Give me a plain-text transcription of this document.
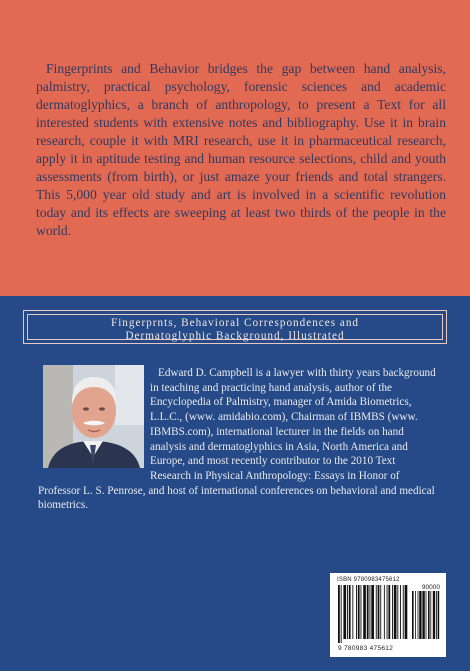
Fingerprints and Behavior bridges the gap between hand analysis, palmistry, practical psychology, forensic sciences and academic dermatoglyphics, a branch of anthropology, to present a Text for all interested students with extensive notes and bibliography. Use it in brain research, couple it with MRI research, use it in pharmaceutical research, apply it in aptitude testing and human resource selections, child and youth assessments (from birth), or just amaze your friends and total strangers. This 5,000 year old study and art is involved in a scientific revolution today and its effects are sweeping at least two thirds of the people in the world.

Fingerprnts, Behavioral Correspondences and
Dermatoglyphic Background, Illustrated

Edward D. Campbell is a lawyer with thirty years background in teaching and practicing hand analysis, author of the Encyclopedia of Palmistry, manager of Amida Biometrics, L.L.C., (www. amidabio.com), Chairman of IBMBS (www. IBMBS.com), international lecturer in the fields on hand analysis and dermatoglyphics in Asia, North America and Europe, and most recently contributor to the 2010 Text Research in Physical Anthropology: Essays in Honor of Professor L. S. Penrose, and host of international conferences on behavioral and medical biometrics.

ISBN 9780983475612
90000
9 780983 475612
